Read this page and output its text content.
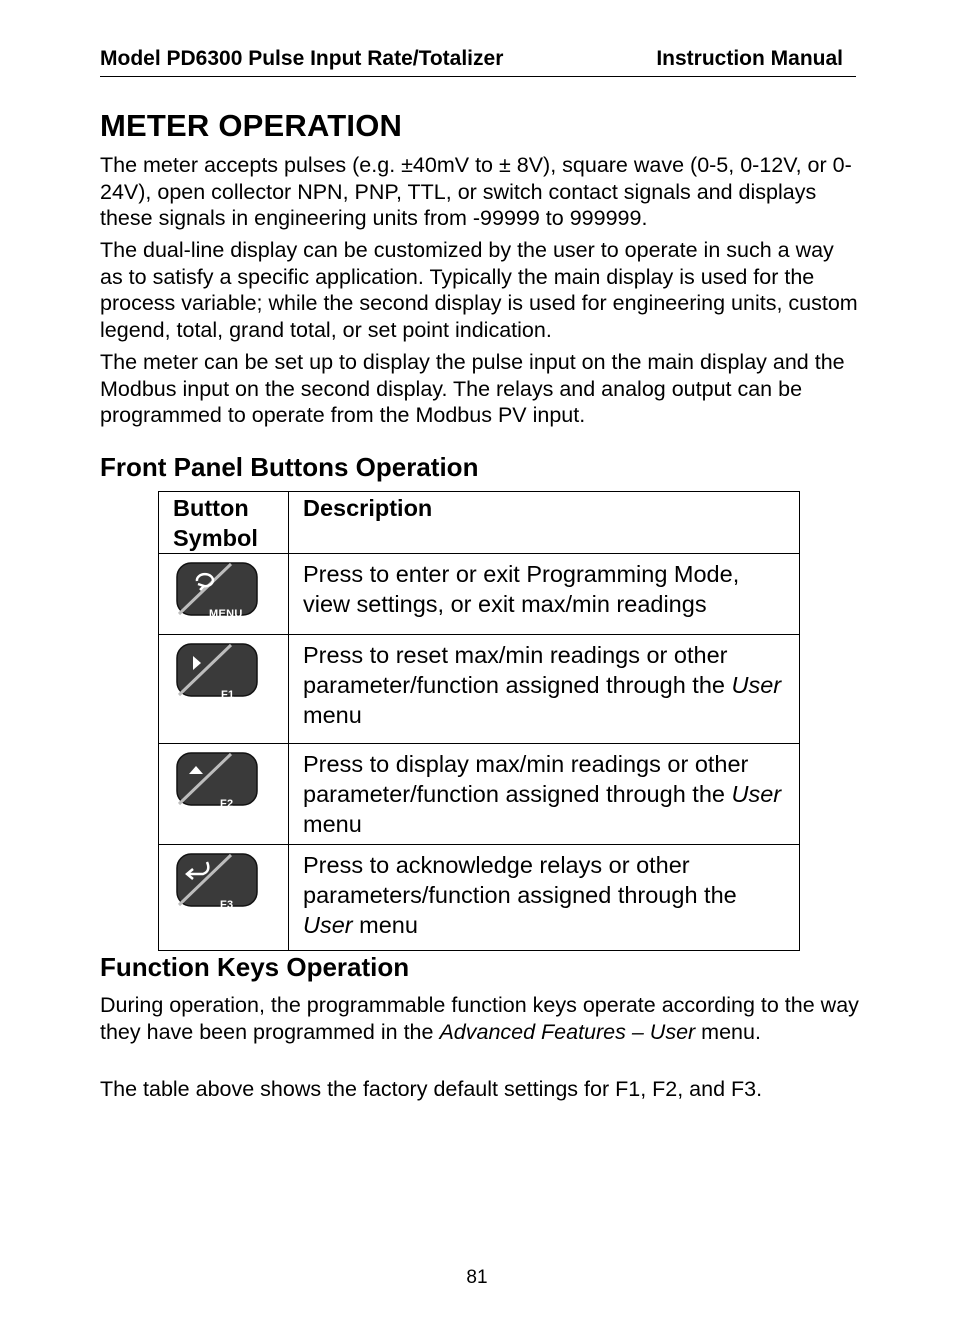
Model PD6300 Pulse Input Rate/Totalizer	Instruction Manual
METER OPERATION

The meter accepts pulses (e.g. ±40mV to ± 8V), square wave (0-5, 0-12V, or 0-24V), open collector NPN, PNP, TTL, or switch contact signals and displays these signals in engineering units from -99999 to 999999.

The dual-line display can be customized by the user to operate in such a way as to satisfy a specific application. Typically the main display is used for the process variable; while the second display is used for engineering units, custom legend, total, grand total, or set point indication.

The meter can be set up to display the pulse input on the main display and the Modbus input on the second display. The relays and analog output can be programmed to operate from the Modbus PV input.

Front Panel Buttons Operation
Button Symbol	Description

MENU	Press to enter or exit Programming Mode, view settings, or exit max/min readings

F1	Press to reset max/min readings or other parameter/function assigned through the User menu

F2	Press to display max/min readings or other parameter/function assigned through the User menu

F3	Press to acknowledge relays or other parameters/function assigned through the User menu
Function Keys Operation

During operation, the programmable function keys operate according to the way they have been programmed in the Advanced Features – User menu.

The table above shows the factory default settings for F1, F2, and F3.

81
